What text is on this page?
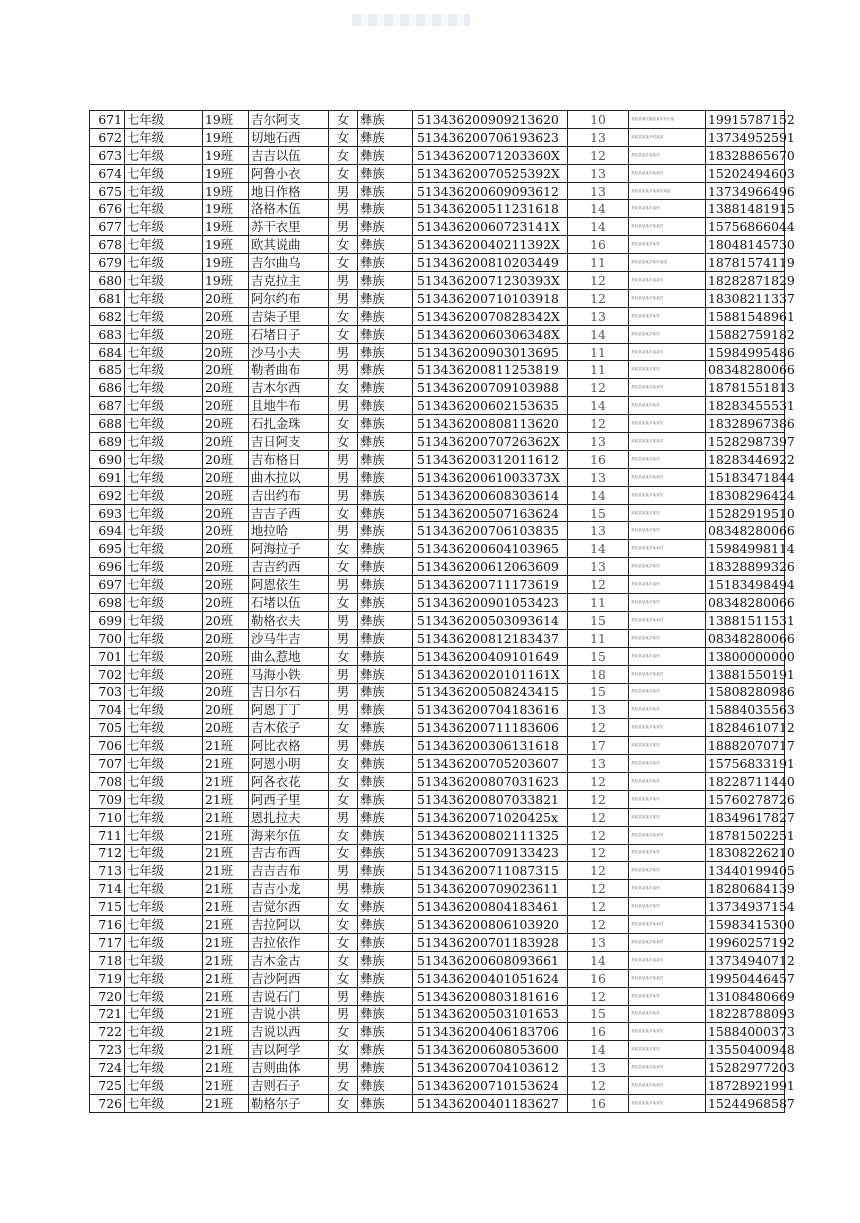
671	七年级	19班	吉尔阿支	女	彝族	513436200909213620	10	美姑县城关镇某某乡村小组	19915787152
672	七年级	19班	切地石西	女	彝族	513436200706193623	13	美姑县某某乡村某组	13734952591
673	七年级	19班	吉吉以伍	女	彝族	51343620071203360X	12	美姑县某乡某某村	18328865670
674	七年级	19班	阿鲁小衣	女	彝族	51343620070525392X	13	美姑县某某乡某某村	15202494603
675	七年级	19班	地日作格	男	彝族	513436200609093612	13	美姑县某某乡某某村某组	13734966496
676	七年级	19班	洛格木伍	男	彝族	513436200511231618	14	美姑县某某乡某村	13881481915
677	七年级	19班	苏干衣里	男	彝族	51343620060723141X	14	美姑县某某乡某某村	15756866044
678	七年级	19班	欧其说曲	女	彝族	51343620040211392X	16	美姑县某某乡某村	18048145730
679	七年级	19班	吉尔曲乌	女	彝族	513436200810203449	11	美姑县某某乡某村某组	18781574119
680	七年级	19班	吉克拉主	男	彝族	51343620071230393X	12	美姑县某某乡某某村	18282871829
681	七年级	20班	阿尔约布	男	彝族	513436200710103918	12	美姑县某某乡某某村	18308211337
682	七年级	20班	吉柒子里	女	彝族	51343620070828342X	13	美姑县某某乡某村	15881548961
683	七年级	20班	石堵日子	女	彝族	51343620060306348X	14	美姑县某某乡某村	15882759182
684	七年级	20班	沙马小夫	男	彝族	513436200903013695	11	美姑县某某乡某某村	15984995486
685	七年级	20班	勒者曲布	男	彝族	513436200811253819	11	美姑县某某乡某村	08348280066
686	七年级	20班	吉木尔西	女	彝族	513436200709103988	12	美姑县某某乡某某村	18781551813
687	七年级	20班	且地牛布	男	彝族	513436200602153635	14	美姑县某某乡某村	18283455531
688	七年级	20班	石扎金珠	女	彝族	513436200808113620	12	美姑县某某乡某某村	18328967386
689	七年级	20班	吉日阿支	女	彝族	51343620070726362X	13	美姑县某某乡某某村	15282987397
690	七年级	20班	吉布格日	男	彝族	513436200312011612	16	美姑县某某乡某村	18283446922
691	七年级	20班	曲木拉以	男	彝族	51343620061003373X	13	美姑县某某乡某某村	15183471844
692	七年级	20班	吉出约布	男	彝族	513436200608303614	14	美姑县某某乡某某村	18308296424
693	七年级	20班	吉吉子西	女	彝族	513436200507163624	15	美姑县某某乡某村	15282919510
694	七年级	20班	地拉哈	男	彝族	513436200706103835	13	美姑县某某乡某村	08348280066
695	七年级	20班	阿海拉子	女	彝族	513436200604103965	14	美姑县某某乡某某村	15984998114
696	七年级	20班	吉吉约西	女	彝族	513436200612063609	13	美姑县某某乡某村	18328899326
697	七年级	20班	阿恩依生	男	彝族	513436200711173619	12	美姑县某某乡某村	15183498494
698	七年级	20班	石堵以伍	女	彝族	513436200901053423	11	美姑县某某乡某村	08348280066
699	七年级	20班	勒格衣夫	男	彝族	513436200503093614	15	美姑县某某乡某某村	13881511531
700	七年级	20班	沙马牛吉	男	彝族	513436200812183437	11	美姑县某某乡某村	08348280066
701	七年级	20班	曲么惹地	女	彝族	513436200409101649	15	美姑县某某乡某村	13800000000
702	七年级	20班	马海小铁	男	彝族	51343620020101161X	18	美姑县某某乡某某村	13881550191
703	七年级	20班	吉日尔石	男	彝族	513436200508243415	15	美姑县某某乡某村	15808280986
704	七年级	20班	阿恩丁丁	男	彝族	513436200704183616	13	美姑县某某乡某村	15884035563
705	七年级	20班	吉木依子	女	彝族	513436200711183606	12	美姑县某某乡某某村	18284610712
706	七年级	21班	阿比衣格	男	彝族	513436200306131618	17	美姑县某某乡某村	18882070717
707	七年级	21班	阿恩小明	女	彝族	513436200705203607	13	美姑县某某乡某村	15756833191
708	七年级	21班	阿各衣花	女	彝族	513436200807031623	12	美姑县某某乡某村	18228711440
709	七年级	21班	阿西子里	女	彝族	513436200807033821	12	美姑县某某乡某村	15760278726
710	七年级	21班	恩扎拉夫	男	彝族	51343620071020425x	12	美姑县某某乡某村	18349617827
711	七年级	21班	海来尔伍	女	彝族	513436200802111325	12	美姑县某某乡某某村	18781502251
712	七年级	21班	吉古布西	女	彝族	513436200709133423	12	美姑县某某乡某村	18308226210
713	七年级	21班	吉吉吉布	男	彝族	513436200711087315	12	美姑县某某乡某村	13440199405
714	七年级	21班	吉吉小龙	男	彝族	513436200709023611	12	美姑县某某乡某村	18280684139
715	七年级	21班	吉觉尔西	女	彝族	513436200804183461	12	美姑县某某乡某村	13734937154
716	七年级	21班	吉拉阿以	女	彝族	513436200806103920	12	美姑县某某乡某某村	15983415300
717	七年级	21班	吉拉依作	女	彝族	513436200701183928	13	美姑县某某乡某某村	19960257192
718	七年级	21班	吉木金古	女	彝族	513436200608093661	14	美姑县某某乡某某村	13734940712
719	七年级	21班	吉沙阿西	女	彝族	513436200401051624	16	美姑县某某乡某某村	19950446457
720	七年级	21班	吉说石门	男	彝族	513436200803181616	12	美姑县某某乡某村	13108480669
721	七年级	21班	吉说小洪	男	彝族	513436200503101653	15	美姑县某某乡某村	18228788093
722	七年级	21班	吉说以西	女	彝族	513436200406183706	16	美姑县某某乡某某村	15884000373
723	七年级	21班	吉以阿学	女	彝族	513436200608053600	14	美姑县某某乡某村	13550400948
724	七年级	21班	吉则曲体	男	彝族	513436200704103612	13	美姑县某某乡某某村	15282977203
725	七年级	21班	吉则石子	女	彝族	513436200710153624	12	美姑县某某乡某某村	18728921991
726	七年级	21班	勒格尔子	女	彝族	513436200401183627	16	美姑县某某乡某某村	15244968587
